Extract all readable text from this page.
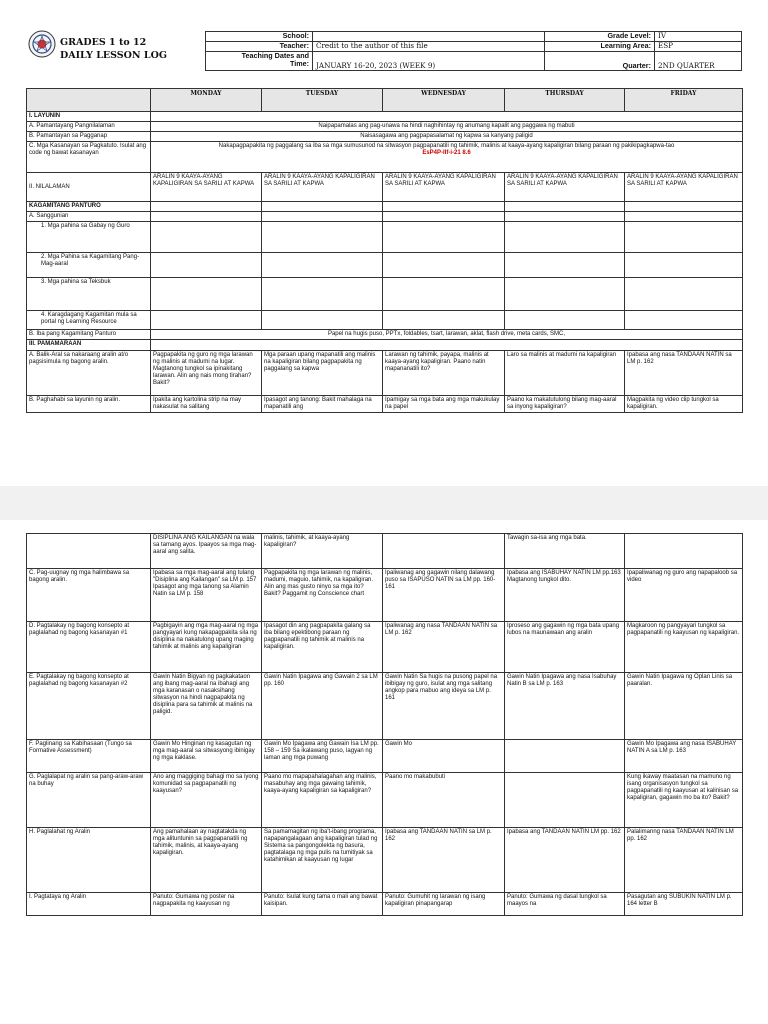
GRADES 1 to 12
DAILY LESSON LOG
School:		Grade Level:	IV
Teacher:	Credit to the author of this file	Learning Area:	ESP

Teaching Dates and
Time:	JANUARY 16-20, 2023 (WEEK 9)	Quarter:	2ND QUARTER
	MONDAY	TUESDAY	WEDNESDAY	THURSDAY	FRIDAY
I. LAYUNIN					
A. Pamantayang Pangnilalaman	Naipapamalas ang pag-unawa na hindi naghihintay ng anumang kapalit ang paggawa ng mabuti				
B. Pamantayan sa Pagganap	Naisasagawa ang pagpapasalamat ng kapwa sa kanyang paligid				
C. Mga Kasanayan sa Pagkatuto. Isulat ang code ng bawat kasanayan	Nakapagpapakita ng paggalang sa iba sa mga sumusunod na sitwasyon pagpapanatili ng tahimik, malinis at kaaya-ayang kapaligiran bilang paraan ng pakikipagkapwa-tao
EsP4P-IIf-i-21 8.6				

II. NILALAMAN	ARALIN 9 KAAYA-AYANG KAPALIGIRAN SA SARILI AT KAPWA	ARALIN 9 KAAYA-AYANG KAPALIGIRAN SA SARILI AT KAPWA	ARALIN 9 KAAYA-AYANG KAPALIGIRAN SA SARILI AT KAPWA	ARALIN 9 KAAYA-AYANG KAPALIGIRAN SA SARILI AT KAPWA	ARALIN 9 KAAYA-AYANG KAPALIGIRAN SA SARILI AT KAPWA
KAGAMITANG PANTURO					
A. Sanggunian					
1. Mga pahina sa Gabay ng Guro					
2. Mga Pahina sa Kagamitang Pang-Mag-aaral					
3. Mga pahina sa Teksbuk					
4. Karagdagang Kagamitan mula sa portal ng Learning Resource					
B. Iba pang Kagamitang Panturo	Papel na hugis puso, PPTx, foldables, tsart, larawan, aklat, flash drive, meta cards, SMC,				
III. PAMAMARAAN					
A. Balik-Aral sa nakaraang aralin at/o pagsisimula ng bagong aralin.	Pagpapakita ng guro ng mga larawan ng malinis at madumi na lugar. Magtanong tungkol sa ipinakitang larawan. Alin ang nais mong tirahan? Bakit?	Mga paraan upang mapanatili ang malinis na kapaligiran bilang pagpapakita ng paggalang sa kapwa	Larawan ng tahimik, payapa, malinis at kaaya-ayang kapaligiran. Paano natin mapananatili ito?	Laro sa malinis at madumi na kapaligiran	Ipabasa ang nasa TANDAAN NATIN sa LM p. 162
B. Paghahabi sa layunin ng aralin.	Ipakita ang kartolina strip na may nakasulat na salitang	Ipasagot ang tanong: Bakit mahalaga na mapanatili ang	Ipamigay sa mga bata ang mga makukulay na papel	Paano ka makatutulong bilang mag-aaral sa inyong kapaligiran?	Magpakita ng video clip tungkol sa kapaligiran.
	DISIPLINA ANG KAILANGAN na wala sa tamang ayos. Ipaayos sa mga mag-aaral ang salita.	malinis, tahimik, at kaaya-ayang kapaligiran?		Tawagin sa-isa ang mga bata.	
C. Pag-uugnay ng mga halimbawa sa bagong aralin.	Ipabasa sa mga mag-aaral ang tulang "Disiplina ang Kailangan" sa LM p. 157 Ipasagot ang mga tanong sa Alamin Natin sa LM p. 158	Pagpapakita ng mga larawan ng malinis, madumi, maguio, tahimik, na kapaligiran. Alin ang mas gusto ninyo sa mga ito? Bakit? Paggamit ng Conscience chart	Ipaliwanag ang gagawin nilang dalawang puso sa ISAPUSO NATIN sa LM pp. 160-161	Ipabasa ang ISABUHAY NATIN LM pp.163 Magtanong tungkol dito.	Ipapaliwanag ng guro ang napapaloob sa video
D. Pagtalakay ng bagong konsepto at paglalahad ng bagong kasanayan #1	Pagbigayin ang mga mag-aaral ng mga pangyayari kung nakapagpakita sila ng disiplina na nakatulong upang maging tahimik at malinis ang kapaligiran	Ipasagot din ang pagpapakita galang sa iba bilang epektibong paraan ng pagpapanatili ng tahimik at malinis na kapaligiran.	Ipaliwanag ang nasa TANDAAN NATIN sa LM p. 162	Iproseso ang gagawin ng mga bata upang lubos na maunawaan ang aralin	Magkaroon ng pangyayari tungkol sa pagpapanatili ng kaayusan ng kapaligiran.
E. Pagtalakay ng bagong konsepto at paglalahad ng bagong kasanayan #2	Gawin Natin Bigyan ng pagkakataon ang ibang mag-aaral na ibahagi ang mga karanasan o nasaksihang sitwasyon na hindi nagpapakita ng disiplina para sa tahimik at malinis na paligid.	Gawin Natin Ipagawa ang Gawain 2 sa LM pp. 160	Gawin Natin Sa hugis na pusong papel na ibibigay ng guro, isulat ang mga salitang angkop para mabuo ang ideya sa LM p. 161	Gawin Natin Ipagawa ang nasa Isabuhay Natin B sa LM p. 163	Gawin Natin Ipagawa ng Oplan Linis sa paaralan.
F. Paglinang sa Kabihasaan (Tungo sa Formative Assessment)	Gawin Mo Hinginan ng kasagutan ng mga mag-aaral sa sitwasyong ibinigay ng mga kaklase.	Gawin Mo Ipagawa ang Gawain Isa LM pp. 158 – 159 Sa ikalawang puso, lagyan ng laman ang mga puwang	Gawin Mo		Gawin Mo Ipagawa ang nasa ISABUHAY NATIN A sa LM p. 163
G. Paglalapat ng aralin sa pang-araw-araw na buhay	Ano ang maggiging bahagi mo sa iyong komunidad sa pagpapanatili ng kaayusan?	Paano mo mapapahalagahan ang malinis, masabuhay ang mga gawaing tahimik, kaaya-ayang kapaligiran sa kapaligiran?	Paano mo makabubuti		Kung ikaway maatasan na mamuno ng isang organisasyon tungkol sa pagpapanatili ng kaayusan at kalinisan sa kapaligiran, gagawin mo ba ito? Bakit?
H. Paglalahat ng Aralin	Ang pamahalaan ay nagtatakda ng mga alituntunin sa pagpapanatili ng tahimik, malinis, at kaaya-ayang kapaligiran.	Sa pamamagitan ng iba't-ibang programa, napapangalagaan ang kapaligiran tulad ng Sistema sa pangongolekta ng basura, pagtatalaga ng mga pulis na tumitiyak sa katahimikan at kaayusan ng lugar	Ipabasa ang TANDAAN NATIN sa LM p. 162	Ipabasa ang TANDAAN NATIN LM pp. 162	Palalimanng nasa TANDAAN NATIN LM pp. 162
I. Pagtataya ng Aralin	Panuto: Gumawa ng poster na nagpapakita ng kaayusan ng	Panuto: Isulat kung tama o mali ang bawat kaisipan.	Panuto: Gumuhit ng larawan ng isang kapaligiran pinapangarap	Panuto: Gumawa ng dasal tungkol sa maayos na	Pasagutan ang SUBUKIN NATIN LM p. 164 letter B
